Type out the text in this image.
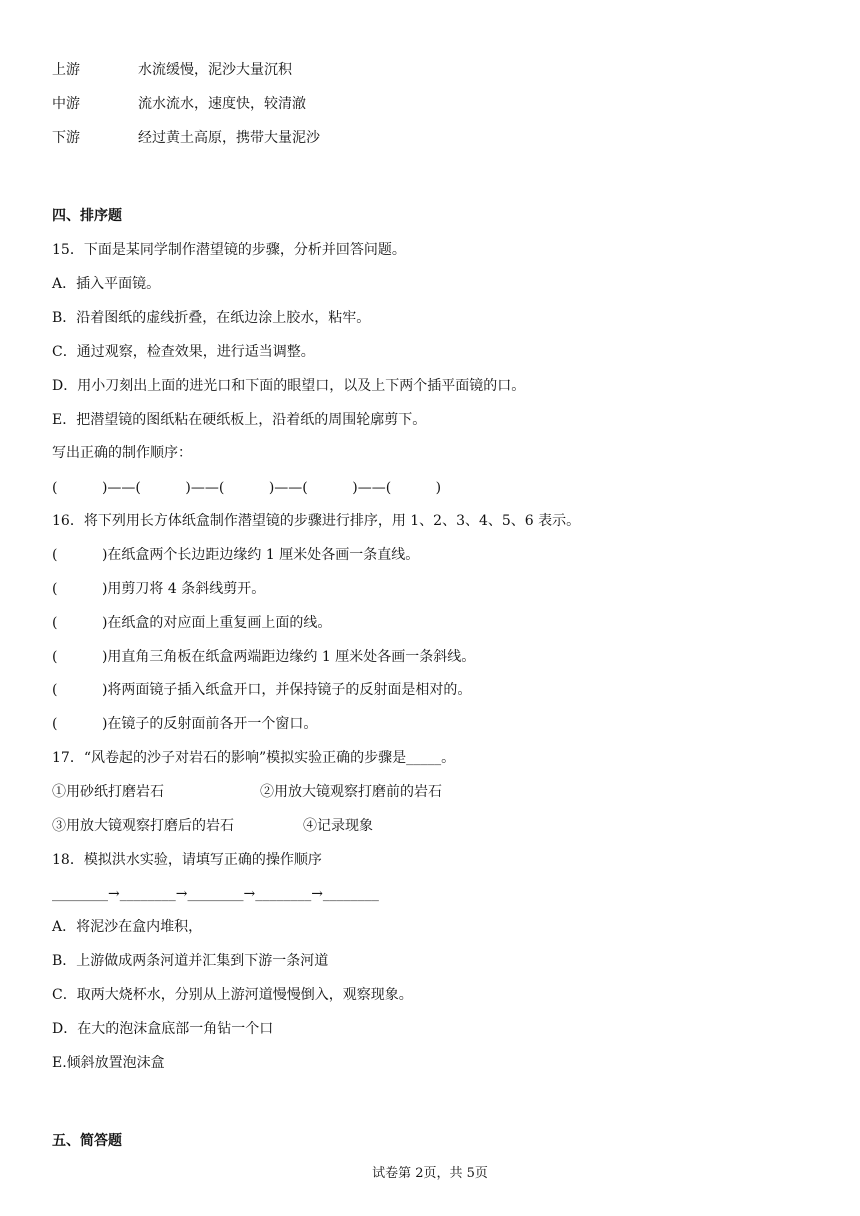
上游	水流缓慢，泥沙大量沉积
中游	流水流水，速度快，较清澈
下游	经过黄土高原，携带大量泥沙
四、排序题
15．下面是某同学制作潜望镜的步骤，分析并回答问题。
A．插入平面镜。
B．沿着图纸的虚线折叠，在纸边涂上胶水，粘牢。
C．通过观察，检查效果，进行适当调整。
D．用小刀刻出上面的进光口和下面的眼望口，以及上下两个插平面镜的口。
E．把潜望镜的图纸粘在硬纸板上，沿着纸的周围轮廓剪下。
写出正确的制作顺序：
(          )——(          )——(          )——(          )——(          )
16．将下列用长方体纸盒制作潜望镜的步骤进行排序，用 1、2、3、4、5、6 表示。
(          )在纸盒两个长边距边缘约 1 厘米处各画一条直线。
(          )用剪刀将 4 条斜线剪开。
(          )在纸盒的对应面上重复画上面的线。
(          )用直角三角板在纸盒两端距边缘约 1 厘米处各画一条斜线。
(          )将两面镜子插入纸盒开口，并保持镜子的反射面是相对的。
(          )在镜子的反射面前各开一个窗口。
17．“风卷起的沙子对岩石的影响”模拟实验正确的步骤是_____。
①用砂纸打磨岩石	②用放大镜观察打磨前的岩石
③用放大镜观察打磨后的岩石	④记录现象
18．模拟洪水实验，请填写正确的操作顺序
________→________→________→________→________
A．将泥沙在盒内堆积，
B．上游做成两条河道并汇集到下游一条河道
C．取两大烧杯水，分别从上游河道慢慢倒入，观察现象。
D．在大的泡沫盒底部一角钻一个口
E.倾斜放置泡沫盒
五、简答题
试卷第 2页，共 5页
